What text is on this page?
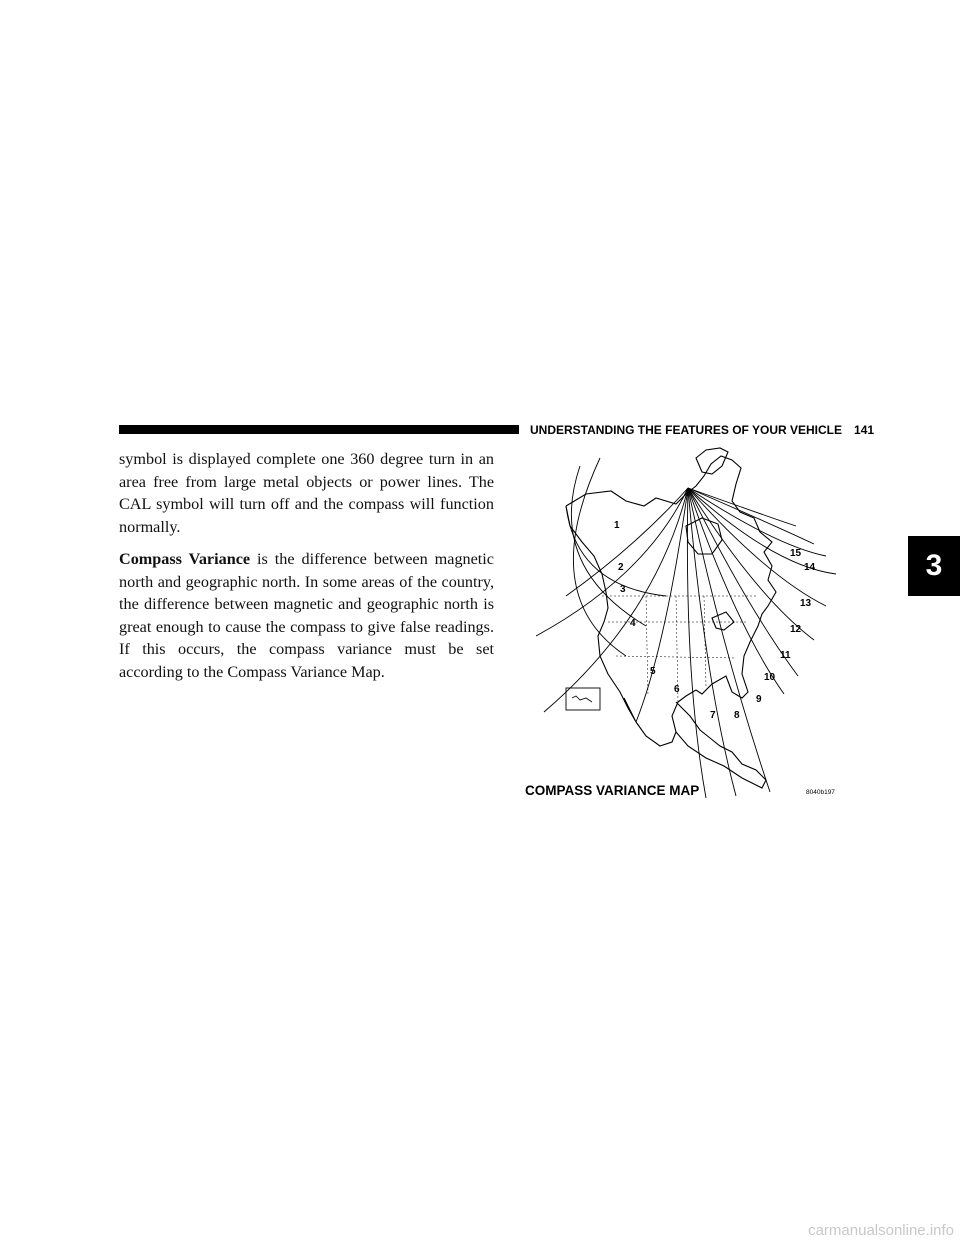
UNDERSTANDING THE FEATURES OF YOUR VEHICLE 141
3

symbol is displayed complete one 360 degree turn in an area free from large metal objects or power lines. The CAL symbol will turn off and the compass will function normally.

Compass Variance is the difference between magnetic north and geographic north. In some areas of the country, the difference between magnetic and geographic north is great enough to cause the compass to give false readings. If this occurs, the compass variance must be set according to the Compass Variance Map.

1
2
3
4
5
6
7 8
9
10
11
12
13
14
15
COMPASS VARIANCE MAP	8040b197
carmanualsonline.info
